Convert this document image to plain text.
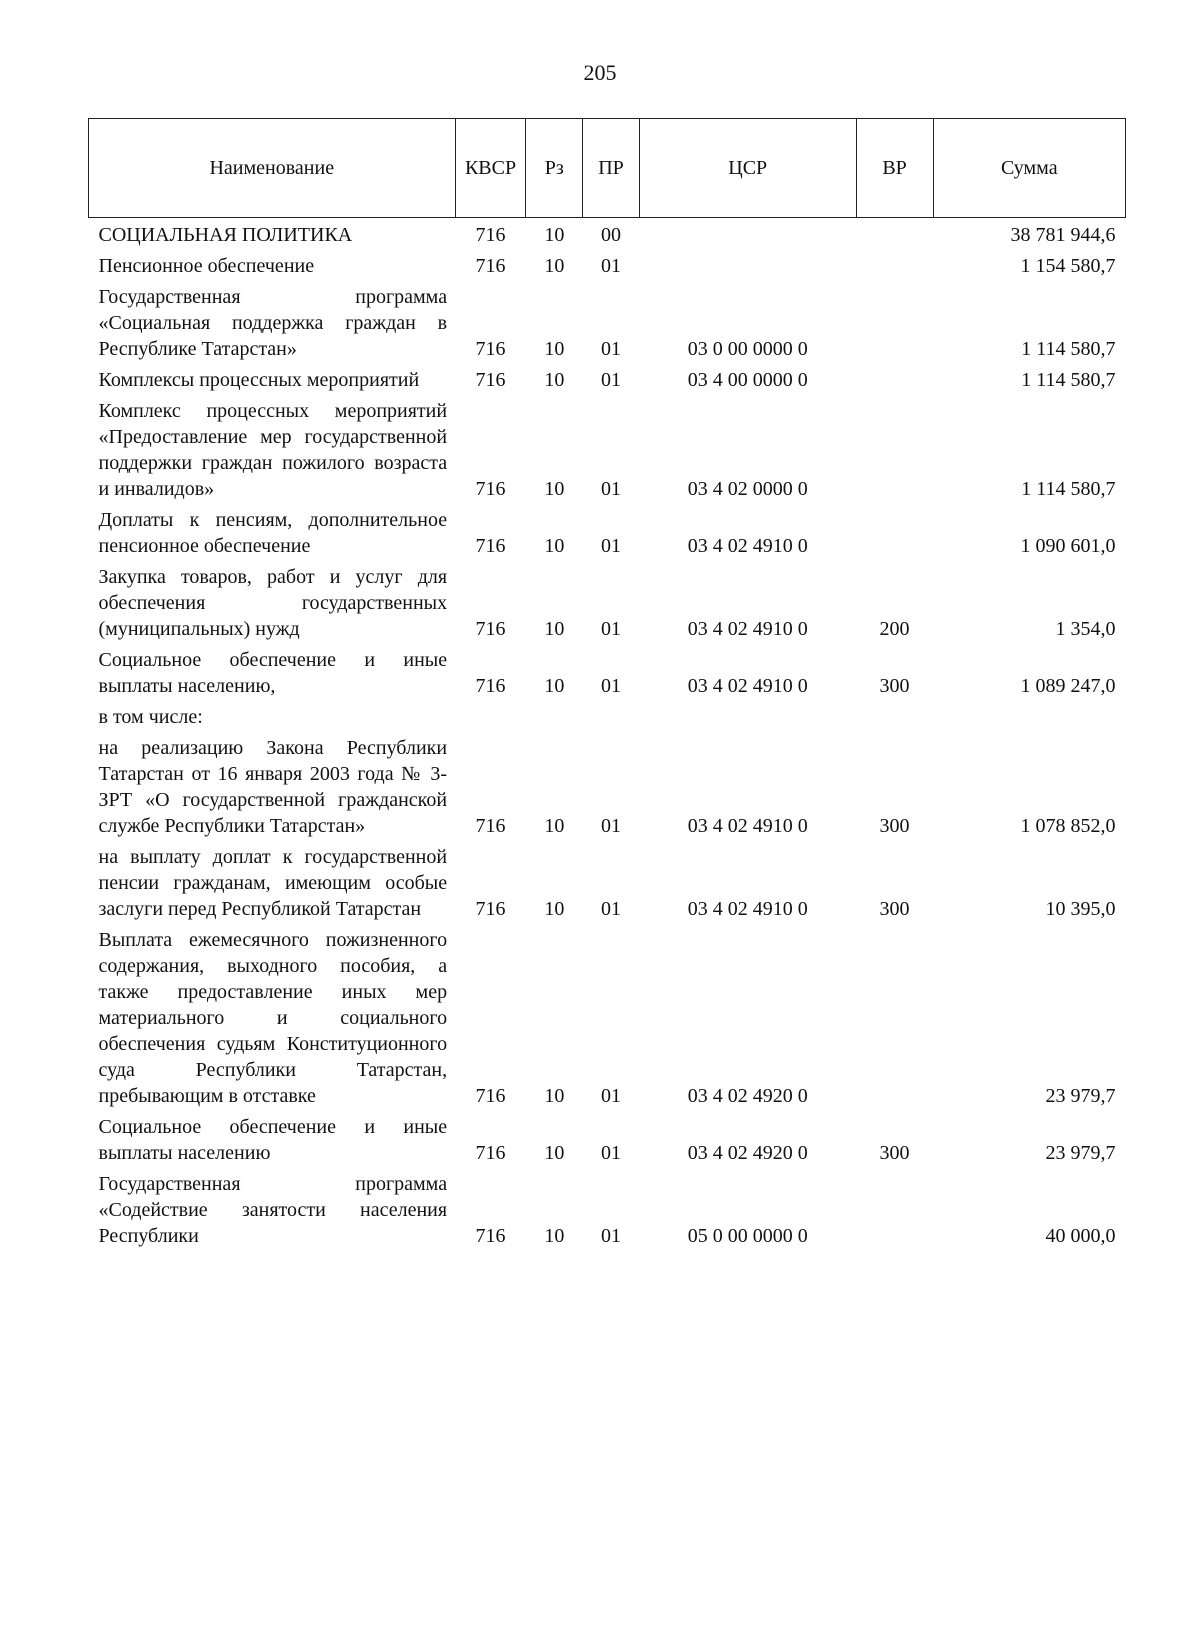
205
Наименование	КВСР	Рз	ПР	ЦСР	ВР	Сумма
СОЦИАЛЬНАЯ ПОЛИТИКА	716	10	00			38 781 944,6
Пенсионное обеспечение	716	10	01			1 154 580,7
Государственная программа «Социальная поддержка граждан в Республике Татарстан»	716	10	01	03 0 00 0000 0		1 114 580,7
Комплексы процессных мероприятий	716	10	01	03 4 00 0000 0		1 114 580,7
Комплекс процессных мероприятий «Предоставление мер государственной поддержки граждан пожилого возраста и инвалидов»	716	10	01	03 4 02 0000 0		1 114 580,7
Доплаты к пенсиям, дополнительное пенсионное обеспечение	716	10	01	03 4 02 4910 0		1 090 601,0
Закупка товаров, работ и услуг для обеспечения государственных (муниципальных) нужд	716	10	01	03 4 02 4910 0	200	1 354,0
Социальное обеспечение и иные выплаты населению,	716	10	01	03 4 02 4910 0	300	1 089 247,0
в том числе:						
на реализацию Закона Республики Татарстан от 16 января 2003 года № 3-ЗРТ «О государственной гражданской службе Республики Татарстан»	716	10	01	03 4 02 4910 0	300	1 078 852,0
на выплату доплат к государственной пенсии гражданам, имеющим особые заслуги перед Республикой Татарстан	716	10	01	03 4 02 4910 0	300	10 395,0
Выплата ежемесячного пожизненного содержания, выходного пособия, а также предоставление иных мер материального и социального обеспечения судьям Конституционного суда Республики Татарстан, пребывающим в отставке	716	10	01	03 4 02 4920 0		23 979,7
Социальное обеспечение и иные выплаты населению	716	10	01	03 4 02 4920 0	300	23 979,7
Государственная программа «Содействие занятости населения Республики	716	10	01	05 0 00 0000 0		40 000,0
